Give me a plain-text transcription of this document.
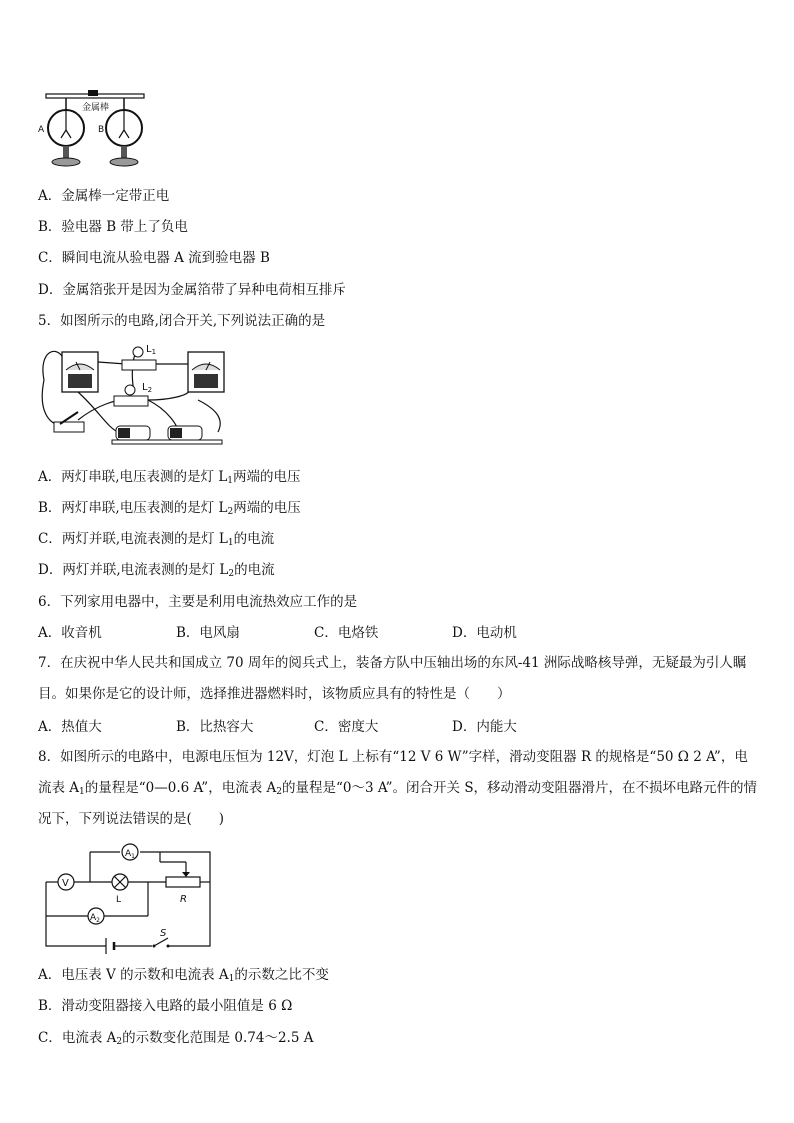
金属棒
A	B
A．金属棒一定带正电
B．验电器 B 带上了负电
C．瞬间电流从验电器 A 流到验电器 B
D．金属箔张开是因为金属箔带了异种电荷相互排斥
5．如图所示的电路,闭合开关,下列说法正确的是
$L_1$
$L_2$
A．两灯串联,电压表测的是灯 $L_1$两端的电压
B．两灯串联,电压表测的是灯 $L_2$两端的电压
C．两灯并联,电流表测的是灯 $L_1$的电流
D．两灯并联,电流表测的是灯 $L_2$的电流
6．下列家用电器中，主要是利用电流热效应工作的是
A．收音机	B．电风扇	C．电烙铁	D．电动机
7．在庆祝中华人民共和国成立 70 周年的阅兵式上，装备方队中压轴出场的东风-41 洲际战略核导弹，无疑最为引人瞩目。如果你是它的设计师，选择推进器燃料时，该物质应具有的特性是（　　）
A．热值大	B．比热容大	C．密度大	D．内能大
8．如图所示的电路中，电源电压恒为 12V，灯泡 L 上标有“12 V 6 W”字样，滑动变阻器 R 的规格是“50 Ω 2 A”，电流表 $A_1$的量程是“0—0.6 A”，电流表 $A_2$的量程是“0～3 A”。闭合开关 S，移动滑动变阻器滑片，在不损坏电路元件的情况下，下列说法错误的是(　　)
S
$A_1$
V
L	R
$A_2$
A．电压表 V 的示数和电流表 $A_1$的示数之比不变
B．滑动变阻器接入电路的最小阻值是 6 Ω
C．电流表 $A_2$的示数变化范围是 0.74～2.5 A
